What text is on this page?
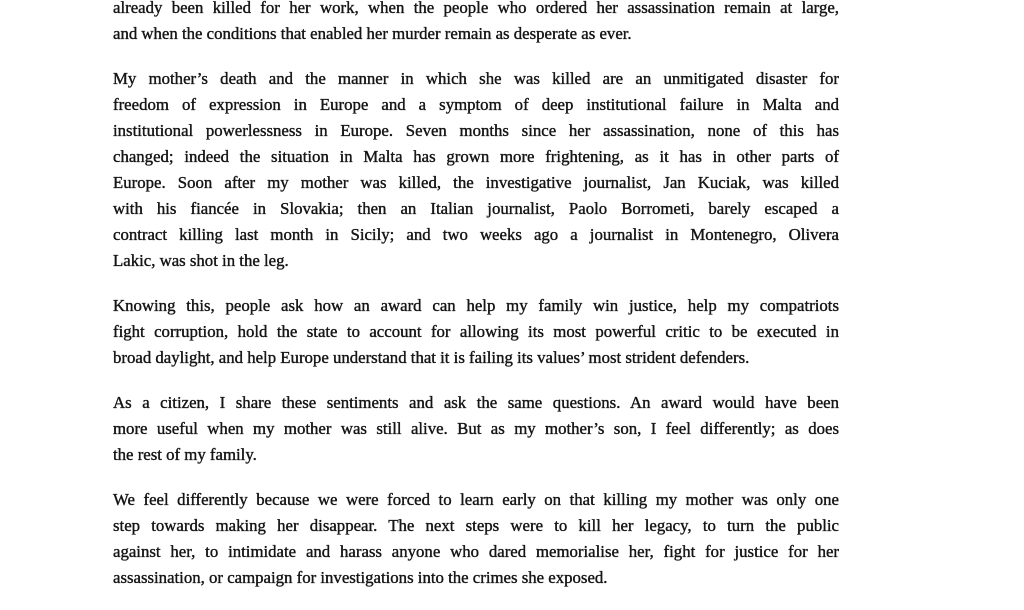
already been killed for her work, when the people who ordered her assassination remain at large,
and when the conditions that enabled her murder remain as desperate as ever.
My mother’s death and the manner in which she was killed are an unmitigated disaster for
freedom of expression in Europe and a symptom of deep institutional failure in Malta and
institutional powerlessness in Europe. Seven months since her assassination, none of this has
changed; indeed the situation in Malta has grown more frightening, as it has in other parts of
Europe. Soon after my mother was killed, the investigative journalist, Jan Kuciak, was killed
with his fiancée in Slovakia; then an Italian journalist, Paolo Borrometi, barely escaped a
contract killing last month in Sicily; and two weeks ago a journalist in Montenegro, Olivera
Lakic, was shot in the leg.
Knowing this, people ask how an award can help my family win justice, help my compatriots
fight corruption, hold the state to account for allowing its most powerful critic to be executed in
broad daylight, and help Europe understand that it is failing its values’ most strident defenders.
As a citizen, I share these sentiments and ask the same questions. An award would have been
more useful when my mother was still alive. But as my mother’s son, I feel differently; as does
the rest of my family.
We feel differently because we were forced to learn early on that killing my mother was only one
step towards making her disappear. The next steps were to kill her legacy, to turn the public
against her, to intimidate and harass anyone who dared memorialise her, fight for justice for her
assassination, or campaign for investigations into the crimes she exposed.
